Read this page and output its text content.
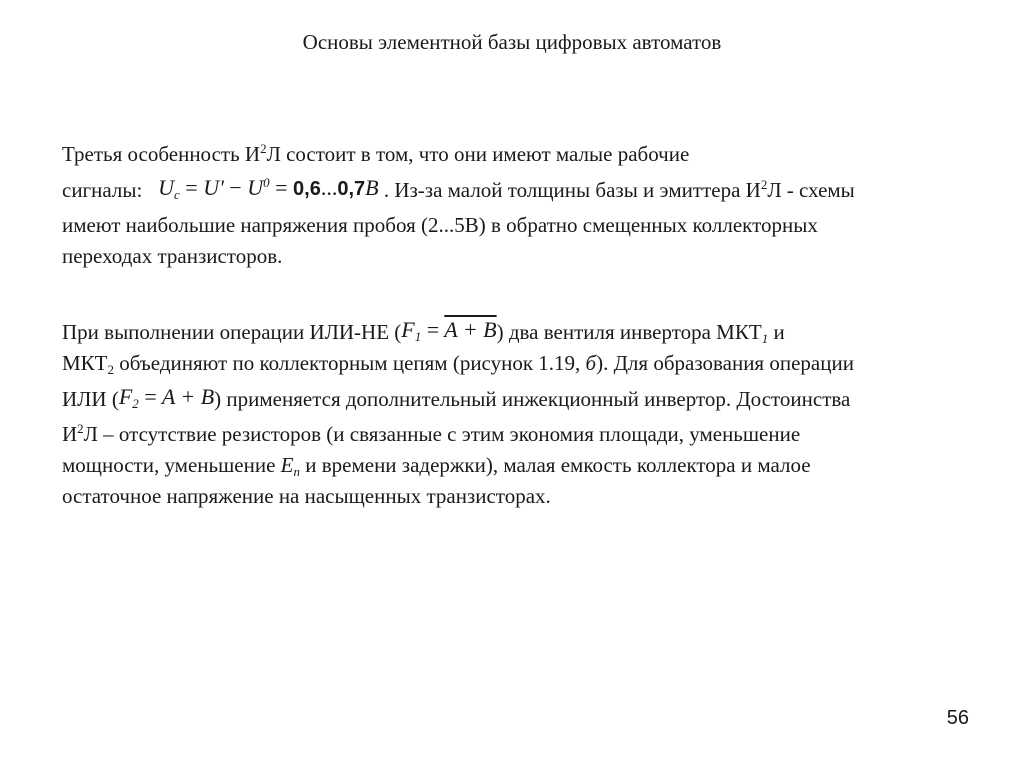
Основы элементной базы цифровых автоматов
Третья особенность $И^2Л$ состоит в том, что они имеют малые рабочие
сигналы: $U_c = U' - U^0 = 0,6...0,7B$ . Из-за малой толщины базы и эмиттера $И^2Л$ - схемы
имеют наибольшие напряжения пробоя (2...5В) в обратно смещенных коллекторных
переходах транзисторов.
При выполнении операции ИЛИ-НЕ $(F_1 = A + B)$ два вентиля инвертора $МКТ_1$ и
$МКТ_2$ объединяют по коллекторным цепям (рисунок 1.19, б). Для образования операции
ИЛИ $(F_2 = A + B)$ применяется дополнительный инжекционный инвертор. Достоинства
$И^2Л$ – отсутствие резисторов (и связанные с этим экономия площади, уменьшение
мощности, уменьшение $E_n$ и времени задержки), малая емкость коллектора и малое
остаточное напряжение на насыщенных транзисторах.
56
